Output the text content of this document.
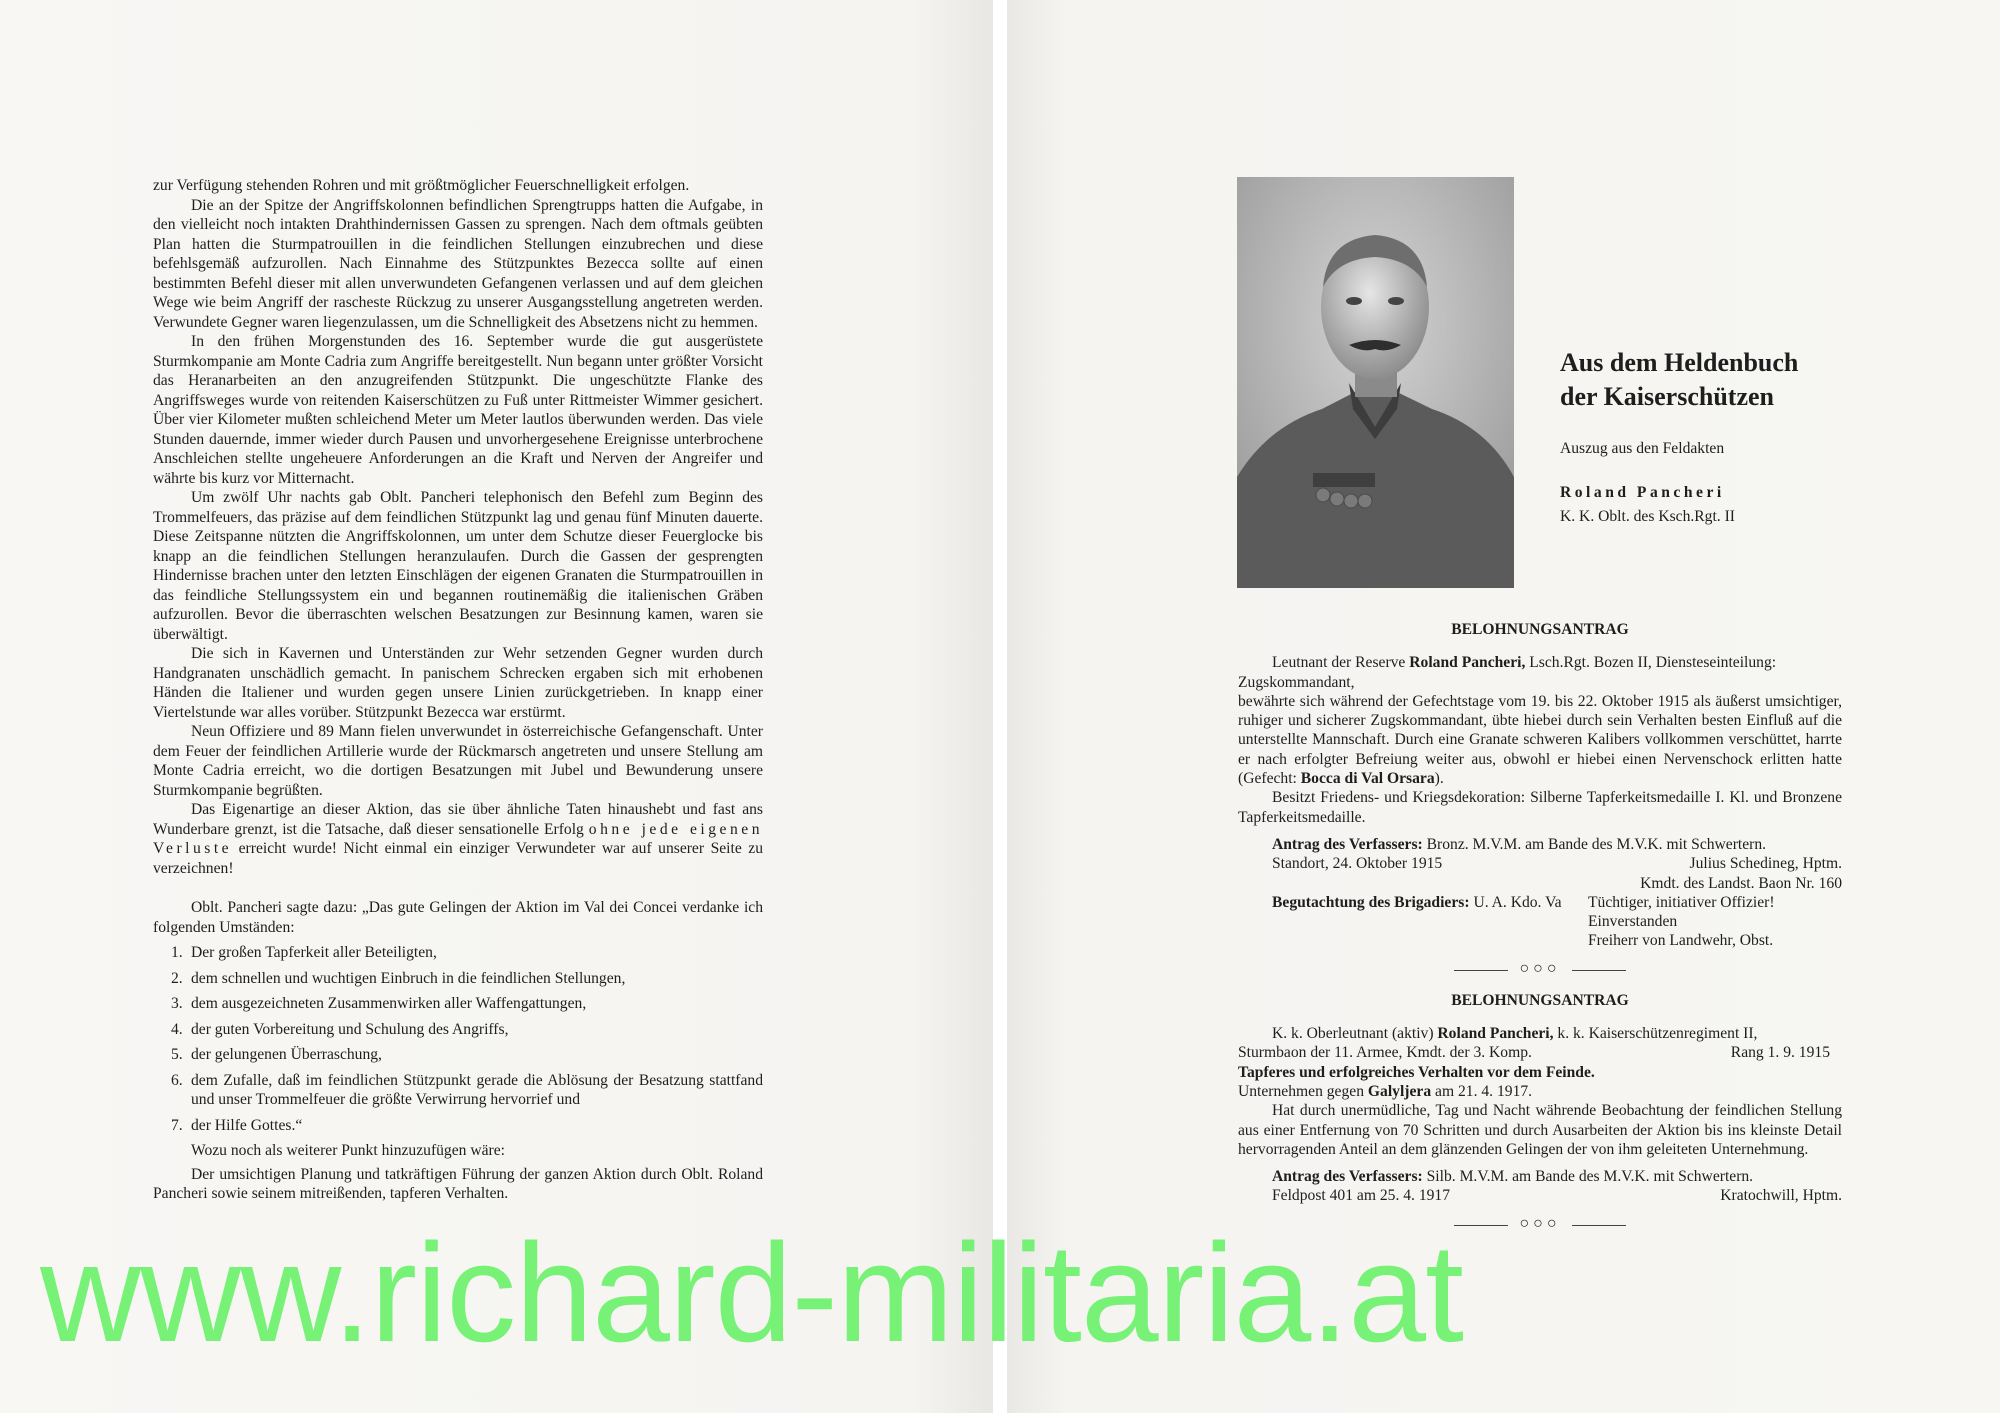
zur Verfügung stehenden Rohren und mit größtmöglicher Feuerschnelligkeit erfolgen.

Die an der Spitze der Angriffskolonnen befindlichen Sprengtrupps hatten die Aufgabe, in den vielleicht noch intakten Drahthindernissen Gassen zu sprengen. Nach dem oftmals geübten Plan hatten die Sturmpatrouillen in die feindlichen Stellungen einzubrechen und diese befehlsgemäß aufzurollen. Nach Einnahme des Stützpunktes Bezecca sollte auf einen bestimmten Befehl dieser mit allen unverwundeten Gefangenen verlassen und auf dem gleichen Wege wie beim Angriff der rascheste Rückzug zu unserer Ausgangsstellung angetreten werden. Verwundete Gegner waren liegenzulassen, um die Schnelligkeit des Absetzens nicht zu hemmen.

In den frühen Morgenstunden des 16. September wurde die gut ausgerüstete Sturmkompanie am Monte Cadria zum Angriffe bereitgestellt. Nun begann unter größter Vorsicht das Heranarbeiten an den anzugreifenden Stützpunkt. Die ungeschützte Flanke des Angriffsweges wurde von reitenden Kaiserschützen zu Fuß unter Rittmeister Wimmer gesichert. Über vier Kilometer mußten schleichend Meter um Meter lautlos überwunden werden. Das viele Stunden dauernde, immer wieder durch Pausen und unvorhergesehene Ereignisse unterbrochene Anschleichen stellte ungeheuere Anforderungen an die Kraft und Nerven der Angreifer und währte bis kurz vor Mitternacht.

Um zwölf Uhr nachts gab Oblt. Pancheri telephonisch den Befehl zum Beginn des Trommelfeuers, das präzise auf dem feindlichen Stützpunkt lag und genau fünf Minuten dauerte. Diese Zeitspanne nützten die Angriffskolonnen, um unter dem Schutze dieser Feuerglocke bis knapp an die feindlichen Stellungen heranzulaufen. Durch die Gassen der gesprengten Hindernisse brachen unter den letzten Einschlägen der eigenen Granaten die Sturmpatrouillen in das feindliche Stellungssystem ein und begannen routinemäßig die italienischen Gräben aufzurollen. Bevor die überraschten welschen Besatzungen zur Besinnung kamen, waren sie überwältigt.

Die sich in Kavernen und Unterständen zur Wehr setzenden Gegner wurden durch Handgranaten unschädlich gemacht. In panischem Schrecken ergaben sich mit erhobenen Händen die Italiener und wurden gegen unsere Linien zurückgetrieben. In knapp einer Viertelstunde war alles vorüber. Stützpunkt Bezecca war erstürmt.

Neun Offiziere und 89 Mann fielen unverwundet in österreichische Gefangenschaft. Unter dem Feuer der feindlichen Artillerie wurde der Rückmarsch angetreten und unsere Stellung am Monte Cadria erreicht, wo die dortigen Besatzungen mit Jubel und Bewunderung unsere Sturmkompanie begrüßten.

Das Eigenartige an dieser Aktion, das sie über ähnliche Taten hinaushebt und fast ans Wunderbare grenzt, ist die Tatsache, daß dieser sensationelle Erfolg ohne jede eigenen Verluste erreicht wurde! Nicht einmal ein einziger Verwundeter war auf unserer Seite zu verzeichnen!

Oblt. Pancheri sagte dazu: „Das gute Gelingen der Aktion im Val dei Concei verdanke ich folgenden Umständen:

1. Der großen Tapferkeit aller Beteiligten,
2. dem schnellen und wuchtigen Einbruch in die feindlichen Stellungen,
3. dem ausgezeichneten Zusammenwirken aller Waffengattungen,
4. der guten Vorbereitung und Schulung des Angriffs,
5. der gelungenen Überraschung,
6. dem Zufalle, daß im feindlichen Stützpunkt gerade die Ablösung der Besatzung stattfand und unser Trommelfeuer die größte Verwirrung hervorrief und
7. der Hilfe Gottes.“

Wozu noch als weiterer Punkt hinzuzufügen wäre:

Der umsichtigen Planung und tatkräftigen Führung der ganzen Aktion durch Oblt. Roland Pancheri sowie seinem mitreißenden, tapferen Verhalten.

Aus dem Heldenbuch
der Kaiserschützen
Auszug aus den Feldakten
Roland Pancheri
K. K. Oblt. des Ksch.Rgt. II

BELOHNUNGSANTRAG

Leutnant der Reserve Roland Pancheri, Lsch.Rgt. Bozen II, Diensteseinteilung:

Zugskommandant,

bewährte sich während der Gefechtstage vom 19. bis 22. Oktober 1915 als äußerst umsichtiger, ruhiger und sicherer Zugskommandant, übte hiebei durch sein Verhalten besten Einfluß auf die unterstellte Mannschaft. Durch eine Granate schweren Kalibers vollkommen verschüttet, harrte er nach erfolgter Befreiung weiter aus, obwohl er hiebei einen Nervenschock erlitten hatte (Gefecht: Bocca di Val Orsara).

Besitzt Friedens- und Kriegsdekoration: Silberne Tapferkeitsmedaille I. Kl. und Bronzene Tapferkeitsmedaille.

Antrag des Verfassers: Bronz. M.V.M. am Bande des M.V.K. mit Schwertern.

Standort, 24. Oktober 1915	Julius Schedineg, Hptm.
Kmdt. des Landst. Baon Nr. 160
Begutachtung des Brigadiers: U. A. Kdo. Va	Tüchtiger, initiativer Offizier!
Einverstanden
Freiherr von Landwehr, Obst.
○○○

BELOHNUNGSANTRAG

K. k. Oberleutnant (aktiv) Roland Pancheri, k. k. Kaiserschützenregiment II,

Sturmbaon der 11. Armee, Kmdt. der 3. Komp.	Rang 1. 9. 1915

Tapferes und erfolgreiches Verhalten vor dem Feinde.

Unternehmen gegen Galyljera am 21. 4. 1917.

Hat durch unermüdliche, Tag und Nacht währende Beobachtung der feindlichen Stellung aus einer Entfernung von 70 Schritten und durch Ausarbeiten der Aktion bis ins kleinste Detail hervorragenden Anteil an dem glänzenden Gelingen der von ihm geleiteten Unternehmung.

Antrag des Verfassers: Silb. M.V.M. am Bande des M.V.K. mit Schwertern.

Feldpost 401 am 25. 4. 1917	Kratochwill, Hptm.
○○○
www.richard-militaria.at
